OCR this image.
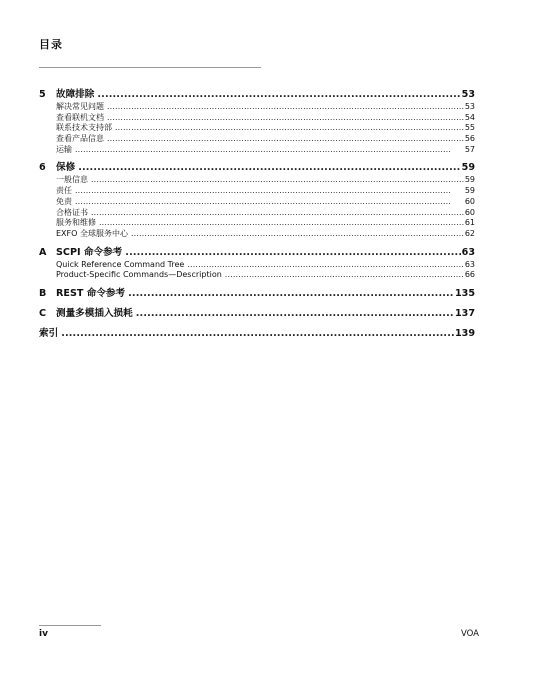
目录
5	故障排除 . . .	53
解决常见问题 . . .	53
查看联机文档 . . .	54
联系技术支持部 . . .	55
查看产品信息 . . .	56
运输 . . .	57
6	保修 . . .	59
一般信息 . . .	59
责任 . . .	59
免责 . . .	60
合格证书 . . .	60
服务和维修 . . .	61
EXFO 全球服务中心 . . .	62
A SCPI 命令参考 . . .	63
Quick Reference Command Tree . . .	63
Product-Specific Commands—Description . . .	66
B	REST 命令参考 . . .	135
C	测量多模插入损耗 . . .	137
索引 . . .	139
iv	VOA
